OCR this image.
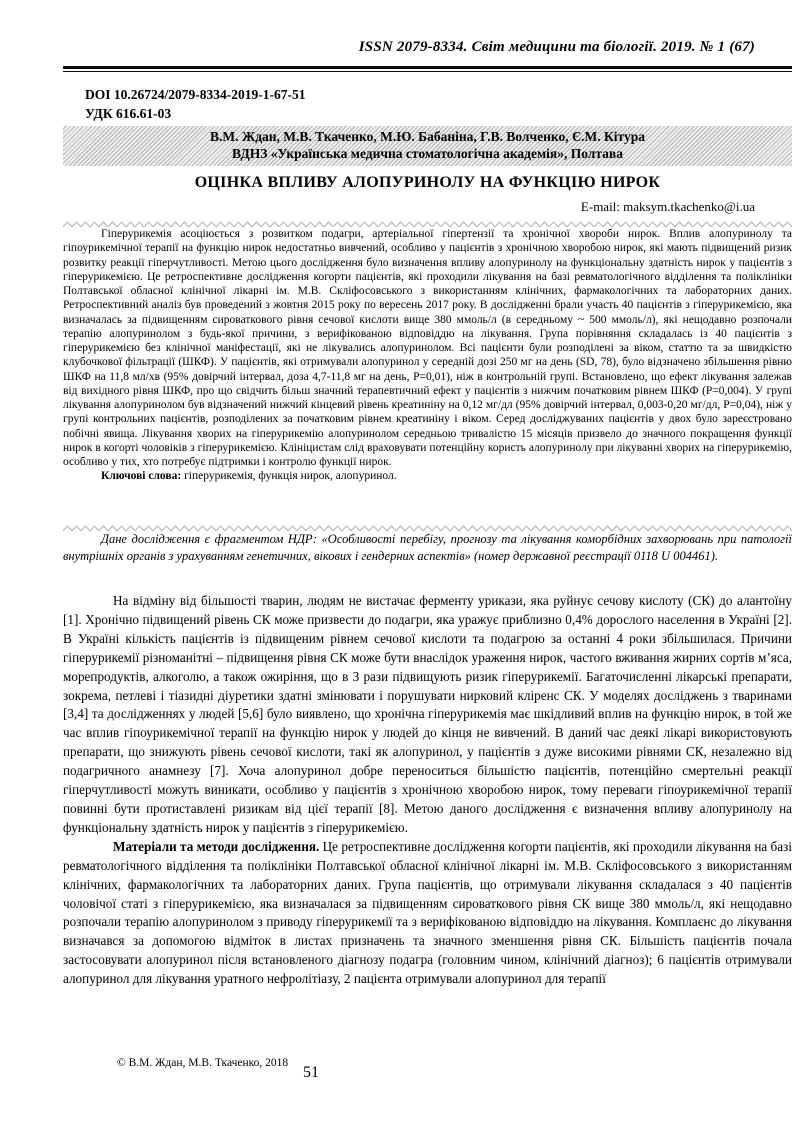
ISSN 2079-8334. Світ медицини та біології. 2019. № 1 (67)
DOI 10.26724/2079-8334-2019-1-67-51
УДК 616.61-03
В.М. Ждан, М.В. Ткаченко, М.Ю. Бабаніна, Г.В. Волченко, Є.М. Кітура
ВДНЗ «Українська медична стоматологічна академія», Полтава
ОЦІНКА ВПЛИВУ АЛОПУРИНОЛУ НА ФУНКЦІЮ НИРОК
E-mail: maksym.tkachenko@i.ua

Гіперурикемія асоціюється з розвитком подагри, артеріальної гіпертензії та хронічної хвороби нирок. Вплив алопуринолу та гіпоурикемічної терапії на функцію нирок недостатньо вивчений, особливо у пацієнтів з хронічною хворобою нирок, які мають підвищений ризик розвитку реакції гіперчутливості. Метою цього дослідження було визначення впливу алопуринолу на функціональну здатність нирок у пацієнтів з гіперурикемією. Це ретроспективне дослідження когорти пацієнтів, які проходили лікування на базі ревматологічного відділення та поліклініки Полтавської обласної клінічної лікарні ім. М.В. Скліфосовського з використанням клінічних, фармакологічних та лабораторних даних. Ретроспективний аналіз був проведений з жовтня 2015 року по вересень 2017 року. В дослідженні брали участь 40 пацієнтів з гіперурикемією, яка визначалась за підвищенням сироваткового рівня сечової кислоти вище 380 ммоль/л (в середньому ~ 500 ммоль/л), які нещодавно розпочали терапію алопуринолом з будь-якої причини, з верифікованою відповіддю на лікування. Група порівняння складалась із 40 пацієнтів з гіперурикемією без клінічної маніфестації, які не лікувались алопуринолом. Всі пацієнти були розподілені за віком, статтю та за швидкістю клубочкової фільтрації (ШКФ). У пацієнтів, які отримували алопуринол у середній дозі 250 мг на день (SD, 78), було відзначено збільшення рівню ШКФ на 11,8 мл/хв (95% довірчий інтервал, доза 4,7-11,8 мг на день, Р=0,01), ніж в контрольній групі. Встановлено, що ефект лікування залежав від вихідного рівня ШКФ, про що свідчить більш значний терапевтичний ефект у пацієнтів з нижчим початковим рівнем ШКФ (Р=0,004). У групі лікування алопуринолом був відзначений нижчий кінцевий рівень креатиніну на 0,12 мг/дл (95% довірчий інтервал, 0,003-0,20 мг/дл, Р=0,04), ніж у групі контрольних пацієнтів, розподілених за початковим рівнем креатиніну і віком. Серед досліджуваних пацієнтів у двох було зареєстровано побічні явища. Лікування хворих на гіперурикемію алопуринолом середньою тривалістю 15 місяців призвело до значного покращення функції нирок в когорті чоловіків з гіперурикемією. Клініцистам слід враховувати потенційну користь алопуринолу при лікуванні хворих на гіперурикемію, особливо у тих, хто потребує підтримки і контролю функції нирок.

Ключові слова: гіперурикемія, функція нирок, алопуринол.

Дане дослідження є фрагментом НДР: «Особливості перебігу, прогнозу та лікування коморбідних захворювань при патології внутрішніх органів з урахуванням генетичних, вікових і гендерних аспектів» (номер державної реєстрації 0118 U 004461).

На відміну від більшості тварин, людям не вистачає ферменту урикази, яка руйнує сечову кислоту (СК) до алантоїну [1]. Хронічно підвищений рівень СК може призвести до подагри, яка уражує приблизно 0,4% дорослого населення в Україні [2]. В Україні кількість пацієнтів із підвищеним рівнем сечової кислоти та подагрою за останні 4 роки збільшилася. Причини гіперурикемії різноманітні – підвищення рівня СК може бути внаслідок ураження нирок, частого вживання жирних сортів м’яса, морепродуктів, алкоголю, а також ожиріння, що в 3 рази підвищують ризик гіперурикемії. Багаточисленні лікарські препарати, зокрема, петлеві і тіазидні діуретики здатні змінювати і порушувати нирковий кліренс СК. У моделях досліджень з тваринами [3,4] та дослідженнях у людей [5,6] було виявлено, що хронічна гіперурикемія має шкідливий вплив на функцію нирок, в той же час вплив гіпоурикемічної терапії на функцію нирок у людей до кінця не вивчений. В даний час деякі лікарі використовують препарати, що знижують рівень сечової кислоти, такі як алопуринол, у пацієнтів з дуже високими рівнями СК, незалежно від подагричного анамнезу [7]. Хоча алопуринол добре переноситься більшістю пацієнтів, потенційно смертельні реакції гіперчутливості можуть виникати, особливо у пацієнтів з хронічною хворобою нирок, тому переваги гіпоурикемічної терапії повинні бути протиставлені ризикам від цієї терапії [8]. Метою даного дослідження є визначення впливу алопуринолу на функціональну здатність нирок у пацієнтів з гіперурикемією.

Матеріали та методи дослідження. Це ретроспективне дослідження когорти пацієнтів, які проходили лікування на базі ревматологічного відділення та поліклініки Полтавської обласної клінічної лікарні ім. М.В. Скліфосовського з використанням клінічних, фармакологічних та лабораторних даних. Група пацієнтів, що отримували лікування складалася з 40 пацієнтів чоловічої статі з гіперурикемією, яка визначалася за підвищенням сироваткового рівня СК вище 380 ммоль/л, які нещодавно розпочали терапію алопуринолом з приводу гіперурикемії та з верифікованою відповіддю на лікування. Комплаєнс до лікування визначався за допомогою відміток в листах призначень та значного зменшення рівня СК. Більшість пацієнтів почала застосовувати алопуринол після встановленого діагнозу подагра (головним чином, клінічний діагноз); 6 пацієнтів отримували алопуринол для лікування уратного нефролітіазу, 2 пацієнта отримували алопуринол для терапії

© В.М. Ждан, М.В. Ткаченко, 2018
51
